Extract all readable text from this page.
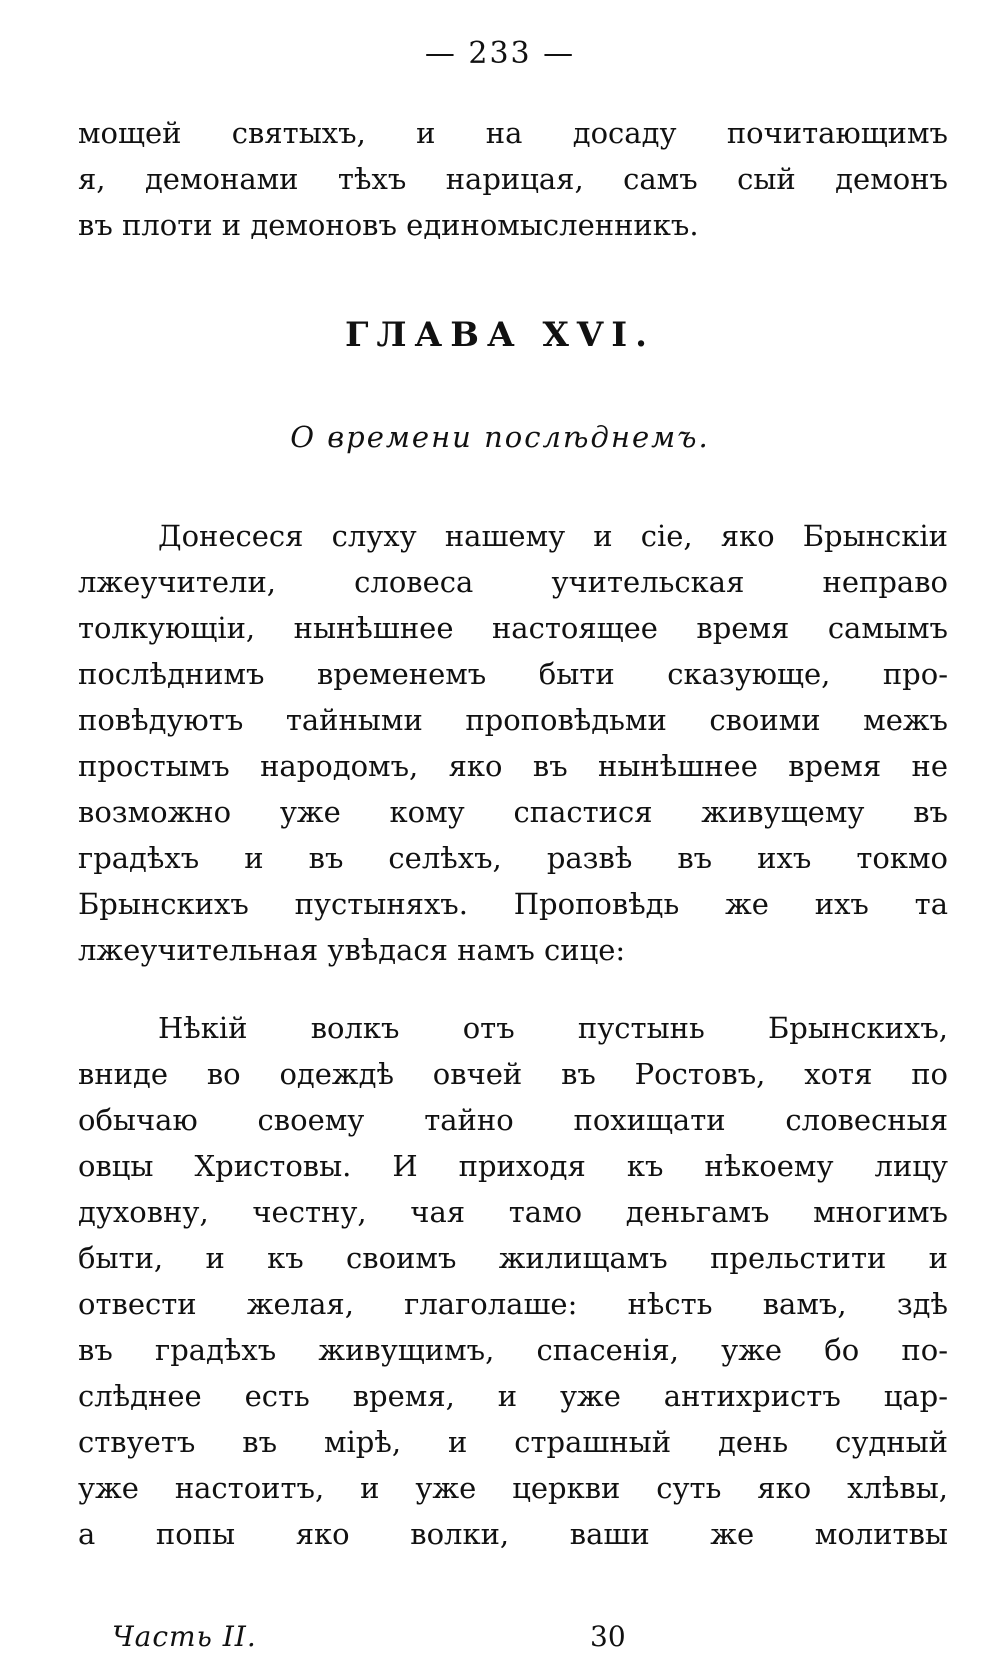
— 233 —
мощей святыхъ, и на досаду почитающимъ
я, демонами тѣхъ нарицая, самъ сый демонъ
въ плоти и демоновъ единомысленникъ.
ГЛАВА XVI.
О времени послѣднемъ.
Донесеся слуху нашему и сіе, яко Брынскіи
лжеучители, словеса учительская неправо
толкующіи, нынѣшнее настоящее время самымъ
послѣднимъ временемъ быти сказующе, про-
повѣдуютъ тайными проповѣдьми своими межъ
простымъ народомъ, яко въ нынѣшнее время не
возможно уже кому спастися живущему въ
градѣхъ и въ селѣхъ, развѣ въ ихъ токмо
Брынскихъ пустыняхъ. Проповѣдь же ихъ та
лжеучительная увѣдася намъ сице:
Нѣкій волкъ отъ пустынь Брынскихъ,
вниде во одеждѣ овчей въ Ростовъ, хотя по
обычаю своему тайно похищати словесныя
овцы Христовы. И приходя къ нѣкоему лицу
духовну, честну, чая тамо деньгамъ многимъ
быти, и къ своимъ жилищамъ прельстити и
отвести желая, глаголаше: нѣсть вамъ, здѣ
въ градѣхъ живущимъ, спасенія, уже бо по-
слѣднее есть время, и уже антихристъ цар-
ствуетъ въ мірѣ, и страшный день судный
уже настоитъ, и уже церкви суть яко хлѣвы,
а попы яко волки, ваши же молитвы
Часть II.	30
